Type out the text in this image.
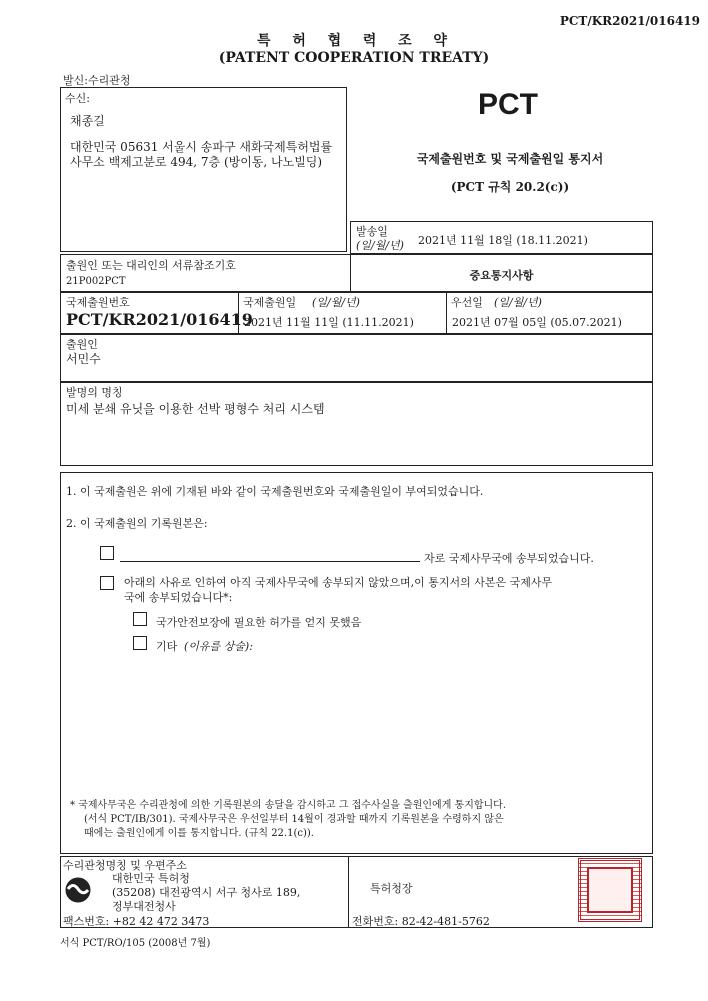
PCT/KR2021/016419
특  허  협  력  조  약
(PATENT COOPERATION TREATY)
발신:수리관청
수신:
채종길
대한민국 05631 서울시 송파구 새화국제특허법률
사무소 백제고분로 494, 7층 (방이동, 나노빌딩)
PCT
국제출원번호 및 국제출원일 통지서
(PCT 규칙 20.2(c))
발송일
(일/월/년) 2021년 11월 18일 (18.11.2021)
출원인 또는 대리인의 서류참조기호
21P002PCT	중요통지사항
국제출원번호
PCT/KR2021/016419
국제출원일 (일/월/년)
2021년 11월 11일 (11.11.2021)
우선일 (일/월/년)
2021년 07월 05일 (05.07.2021)
출원인
서민수
발명의 명칭
미세 분쇄 유닛을 이용한 선박 평형수 처리 시스템
1. 이 국제출원은 위에 기재된 바와 같이 국제출원번호와 국제출원일이 부여되었습니다.
2. 이 국제출원의 기록원본은:
자로 국제사무국에 송부되었습니다.
아래의 사유로 인하여 아직 국제사무국에 송부되지 않았으며,이 통지서의 사본은 국제사무
국에 송부되었습니다*:
국가안전보장에 필요한 허가를 얻지 못했음
기타 (이유를 상술):
* 국제사무국은 수리관청에 의한 기록원본의 송달을 감시하고 그 접수사실을 출원인에게 통지합니다.
(서식 PCT/IB/301). 국제사무국은 우선일부터 14월이 경과할 때까지 기록원본을 수령하지 않은
때에는 출원인에게 이를 통지합니다. (규칙 22.1(c)).
수리관청명칭 및 우편주소
대한민국 특허청
(35208) 대전광역시 서구 청사로 189,
정부대전청사
팩스번호: +82 42 472 3473
특허청장
전화번호: 82-42-481-5762
서식 PCT/RO/105 (2008년 7월)
